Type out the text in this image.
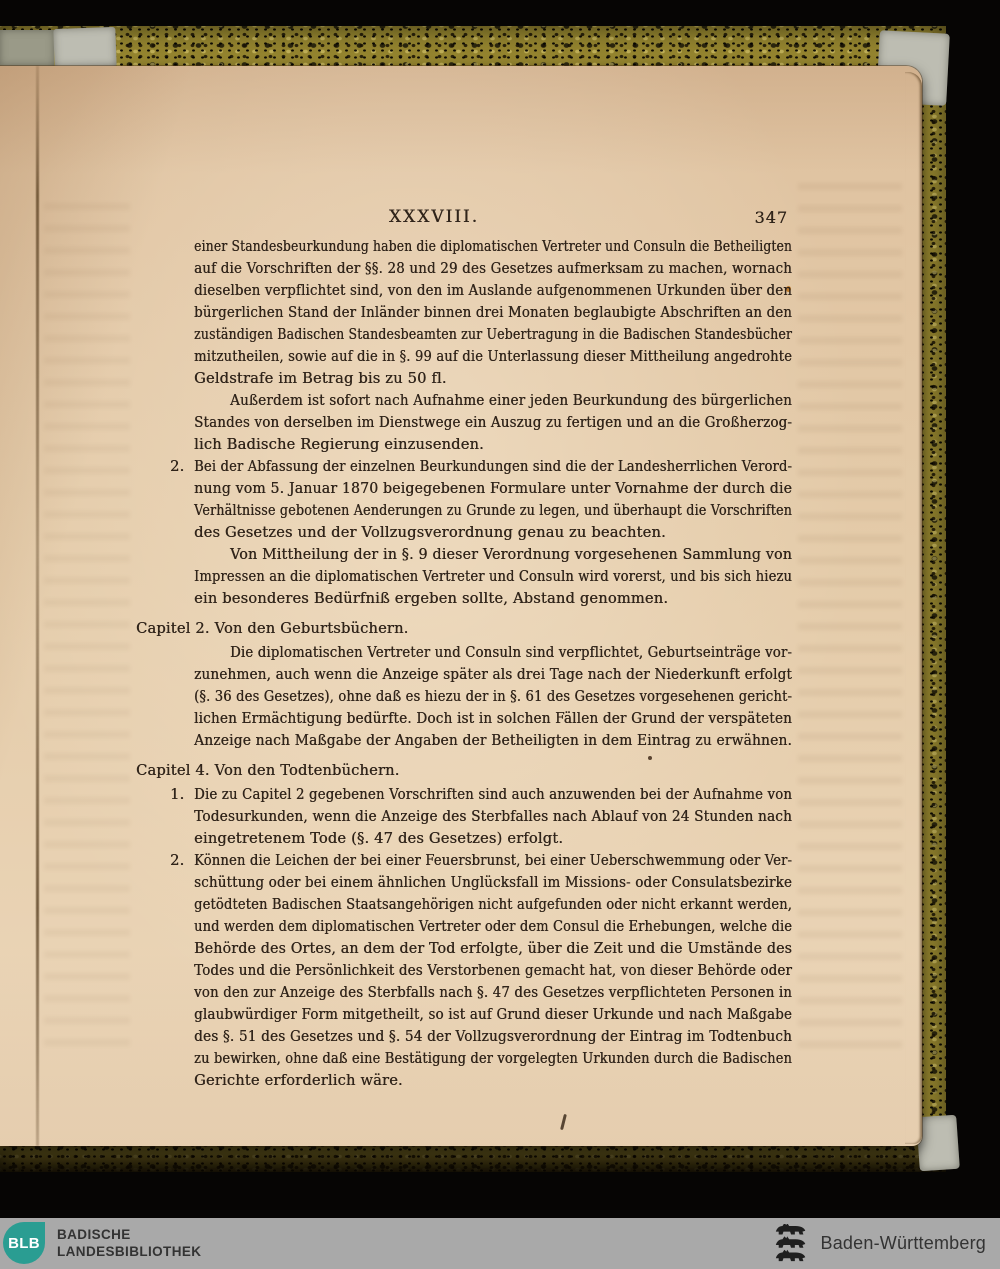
XXXVIII.	347
einer Standesbeurkundung haben die diplomatischen Vertreter und Consuln die Betheiligten
auf die Vorschriften der §§. 28 und 29 des Gesetzes aufmerksam zu machen, wornach
dieselben verpflichtet sind, von den im Auslande aufgenommenen Urkunden über den
bürgerlichen Stand der Inländer binnen drei Monaten beglaubigte Abschriften an den
zuständigen Badischen Standesbeamten zur Uebertragung in die Badischen Standesbücher
mitzutheilen, sowie auf die in §. 99 auf die Unterlassung dieser Mittheilung angedrohte
Geldstrafe im Betrag bis zu 50 fl.
Außerdem ist sofort nach Aufnahme einer jeden Beurkundung des bürgerlichen
Standes von derselben im Dienstwege ein Auszug zu fertigen und an die Großherzog-
lich Badische Regierung einzusenden.
2. Bei der Abfassung der einzelnen Beurkundungen sind die der Landesherrlichen Verord-
nung vom 5. Januar 1870 beigegebenen Formulare unter Vornahme der durch die
Verhältnisse gebotenen Aenderungen zu Grunde zu legen, und überhaupt die Vorschriften
des Gesetzes und der Vollzugsverordnung genau zu beachten.
Von Mittheilung der in §. 9 dieser Verordnung vorgesehenen Sammlung von
Impressen an die diplomatischen Vertreter und Consuln wird vorerst, und bis sich hiezu
ein besonderes Bedürfniß ergeben sollte, Abstand genommen.
Capitel 2. Von den Geburtsbüchern.
Die diplomatischen Vertreter und Consuln sind verpflichtet, Geburtseinträge vor-
zunehmen, auch wenn die Anzeige später als drei Tage nach der Niederkunft erfolgt
(§. 36 des Gesetzes), ohne daß es hiezu der in §. 61 des Gesetzes vorgesehenen gericht-
lichen Ermächtigung bedürfte. Doch ist in solchen Fällen der Grund der verspäteten
Anzeige nach Maßgabe der Angaben der Betheiligten in dem Eintrag zu erwähnen.
Capitel 4. Von den Todtenbüchern.
1. Die zu Capitel 2 gegebenen Vorschriften sind auch anzuwenden bei der Aufnahme von
Todesurkunden, wenn die Anzeige des Sterbfalles nach Ablauf von 24 Stunden nach
eingetretenem Tode (§. 47 des Gesetzes) erfolgt.
2. Können die Leichen der bei einer Feuersbrunst, bei einer Ueberschwemmung oder Ver-
schüttung oder bei einem ähnlichen Unglücksfall im Missions- oder Consulatsbezirke
getödteten Badischen Staatsangehörigen nicht aufgefunden oder nicht erkannt werden,
und werden dem diplomatischen Vertreter oder dem Consul die Erhebungen, welche die
Behörde des Ortes, an dem der Tod erfolgte, über die Zeit und die Umstände des
Todes und die Persönlichkeit des Verstorbenen gemacht hat, von dieser Behörde oder
von den zur Anzeige des Sterbfalls nach §. 47 des Gesetzes verpflichteten Personen in
glaubwürdiger Form mitgetheilt, so ist auf Grund dieser Urkunde und nach Maßgabe
des §. 51 des Gesetzes und §. 54 der Vollzugsverordnung der Eintrag im Todtenbuch
zu bewirken, ohne daß eine Bestätigung der vorgelegten Urkunden durch die Badischen
Gerichte erforderlich wäre.
BLB BADISCHE
LANDESBIBLIOTHEK	Baden-Württemberg
